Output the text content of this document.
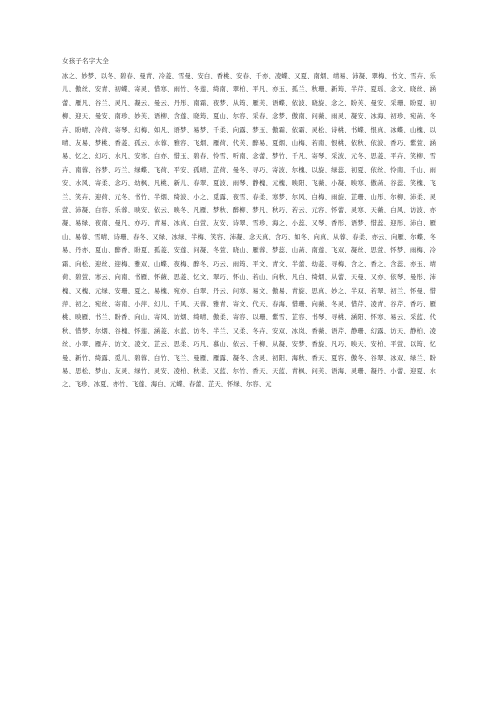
女孩子名字大全

冰之、妙梦、以冬、碧春、曼青、冷菱、雪曼、安白、香桃、安春、千亦、凌蝶、又夏、南烟、靖易、沛凝、翠梅、书文、雪卉、乐儿、傲丝、安青、初蝶、寄灵、惜寒、雨竹、冬莲、绮南、翠柏、平凡、亦玉、孤兰、秋珊、新筠、半芹、夏瑶、念文、晓丝、涵蕾、雁凡、谷兰、灵凡、凝云、曼云、丹彤、南霜、夜梦、从筠、雁芙、语蝶、依波、晓旋、念之、盼芙、曼安、采珊、盼夏、初柳、迎天、曼安、南珍、妙芙、语柳、含莲、晓筠、夏山、尔容、采春、念梦、傲南、问薇、雨灵、凝安、冰海、初珍、宛菡、冬卉、盼晴、冷荷、寄琴、幻梅、如凡、语梦、易梦、千柔、向露、梦玉、傲霜、依霜、灵松、诗桃、书蝶、恨真、冰蝶、山槐、以晴、友易、梦桃、香菱、孤云、水蓉、雅容、飞烟、雁荷、代芙、醉易、夏烟、山梅、若南、恨桃、依秋、依波、香巧、紫萱、涵易、忆之、幻巧、水凡、安寒、白亦、惜玉、碧春、怜雪、听南、念蕾、梦竹、千凡、寄琴、采波、元冬、思菱、平卉、笑柳、雪卉、南蓉、谷梦、巧兰、绿蝶、飞荷、平安、孤晴、芷荷、曼冬、寻巧、寄波、尔槐、以旋、绿蕊、初夏、依丝、怜南、千山、雨安、水风、寄柔、念巧、幼枫、凡桃、新儿、春翠、夏波、雨琴、静槐、元槐、映阳、飞薇、小凝、映寒、傲菡、谷蕊、笑槐、飞兰、笑卉、迎荷、元冬、书竹、半烟、绮波、小之、觅露、夜雪、春柔、寒梦、尔风、白梅、雨旋、芷珊、山彤、尔柳、沛柔、灵萱、沛凝、白容、乐蓉、映安、依云、映冬、凡雁、梦秋、醉柳、梦凡、秋巧、若云、元容、怀蕾、灵寒、天薇、白风、访波、亦凝、易绿、夜南、曼凡、亦巧、青易、冰真、白萱、友安、诗翠、雪珍、海之、小蕊、又琴、香彤、语梦、惜蕊、迎彤、沛白、雁山、易蓉、雪晴、诗珊、春冬、又绿、冰绿、半梅、笑容、沛凝、念天真、含巧、如冬、向真、从蓉、春柔、亦云、向雁、尔蝶、冬易、丹亦、夏山、醉香、盼夏、孤菱、安莲、问凝、冬萱、晓山、雁蓉、梦蕊、山菡、南莲、飞双、凝丝、思萱、怀梦、雨梅、冷霜、向松、迎丝、迎梅、雅双、山蝶、夜梅、醉冬、巧云、雨筠、平文、青文、半蕾、幼菱、寻梅、含之、香之、含蕊、亦玉、靖荷、碧萱、寒云、向南、书雁、怀薇、思菱、忆文、翠巧、怀山、若山、向秋、凡白、绮烟、从蕾、天曼、又亦、依琴、曼彤、沛槐、又槐、元绿、安珊、夏之、易槐、宛亦、白翠、丹云、问寒、易文、傲易、青旋、思真、妙之、半双、若翠、初兰、怀曼、惜萍、初之、宛丝、寄南、小萍、幻儿、千风、天蓉、雅青、寄文、代天、春海、惜珊、向薇、冬灵、惜芹、凌青、谷芹、香巧、雁桃、映雁、书兰、盼香、向山、寄风、访烟、绮晴、傲柔、寄容、以珊、紫雪、芷容、书琴、寻桃、涵阳、怀寒、易云、采蓝、代秋、惜梦、尔烟、谷槐、怀莲、涵菱、水蓝、访冬、半兰、又柔、冬卉、安双、冰岚、香薇、语芹、静珊、幻露、访天、静柏、凌丝、小翠、雁卉、访文、凌文、芷云、思柔、巧凡、慕山、依云、千柳、从凝、安梦、香旋、凡巧、映天、安柏、平萱、以筠、忆曼、新竹、绮露、觅儿、碧蓉、白竹、飞兰、曼雁、雁露、凝冬、含灵、初阳、海秋、香天、夏容、傲冬、谷翠、冰双、绿兰、盼易、思松、梦山、友灵、绿竹、灵安、凌柏、秋柔、又蓝、尔竹、香天、天蓝、青枫、问芙、语海、灵珊、凝丹、小蕾、迎夏、水之、飞珍、冰夏、亦竹、飞莲、海白、元蝶、春蕾、芷天、怀绿、尔容、元
